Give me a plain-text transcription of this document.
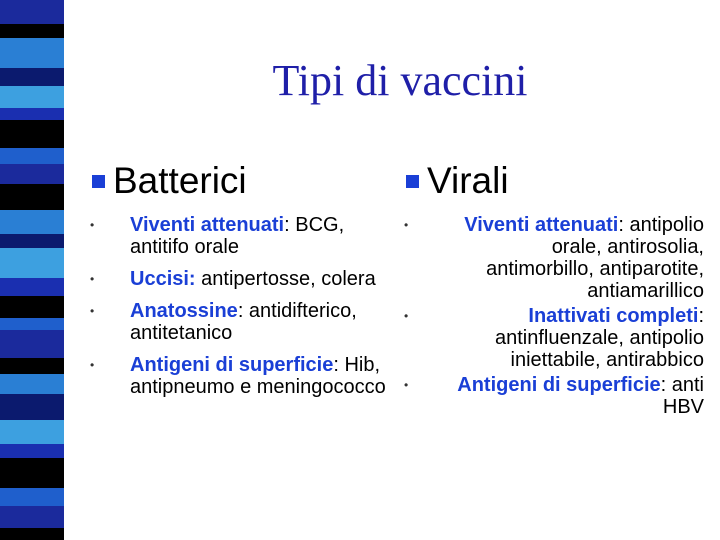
Tipi di vaccini
Batterici
•	Viventi attenuati: BCG, antitifo orale
•	Uccisi: antipertosse, colera
•	Anatossine: antidifterico, antitetanico
•	Antigeni di superficie: Hib, antipneumo e meningococco
Virali
•	Viventi attenuati: antipolio orale, antirosolia, antimorbillo, antiparotite, antiamarillico
•	Inattivati completi: antinfluenzale, antipolio iniettabile, antirabbico
•	Antigeni di superficie: anti HBV
